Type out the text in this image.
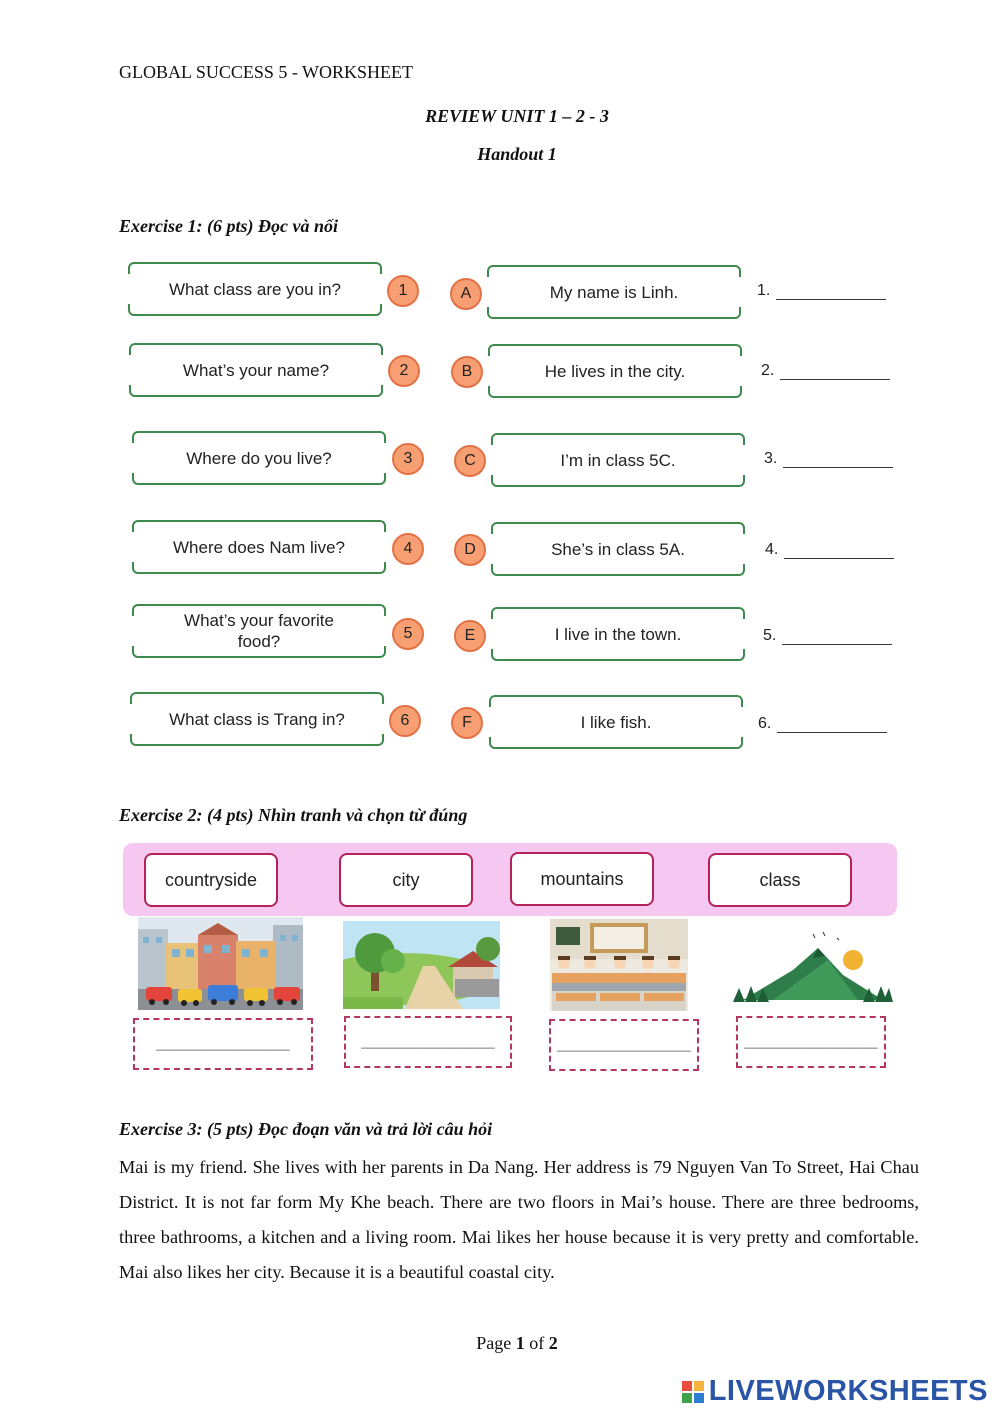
GLOBAL SUCCESS 5 - WORKSHEET
REVIEW UNIT 1 – 2 - 3
Handout 1
Exercise 1: (6 pts) Đọc và nối
What class are you in?	1	A	My name is Linh.	1.
What’s your name?	2	B	He lives in the city.	2.
Where do you live?	3	C	I’m in class 5C.	3.
Where does Nam live?	4	D	She’s in class 5A.	4.
What’s your favorite food?	5	E	I live in the town.	5.
What class is Trang in?	6	F	I like fish.	6.
Exercise 2: (4 pts) Nhìn tranh và chọn từ đúng
countryside	city	mountains	class
____________________	____________________	____________________	____________________
Exercise 3: (5 pts) Đọc đoạn văn và trả lời câu hỏi
Mai is my friend. She lives with her parents in Da Nang. Her address is 79 Nguyen Van To Street, Hai Chau District. It is not far form My Khe beach. There are two floors in Mai’s house. There are three bedrooms, three bathrooms, a kitchen and a living room. Mai likes her house because it is very pretty and comfortable. Mai also likes her city. Because it is a beautiful coastal city.
Page 1 of 2
LIVEWORKSHEETS
